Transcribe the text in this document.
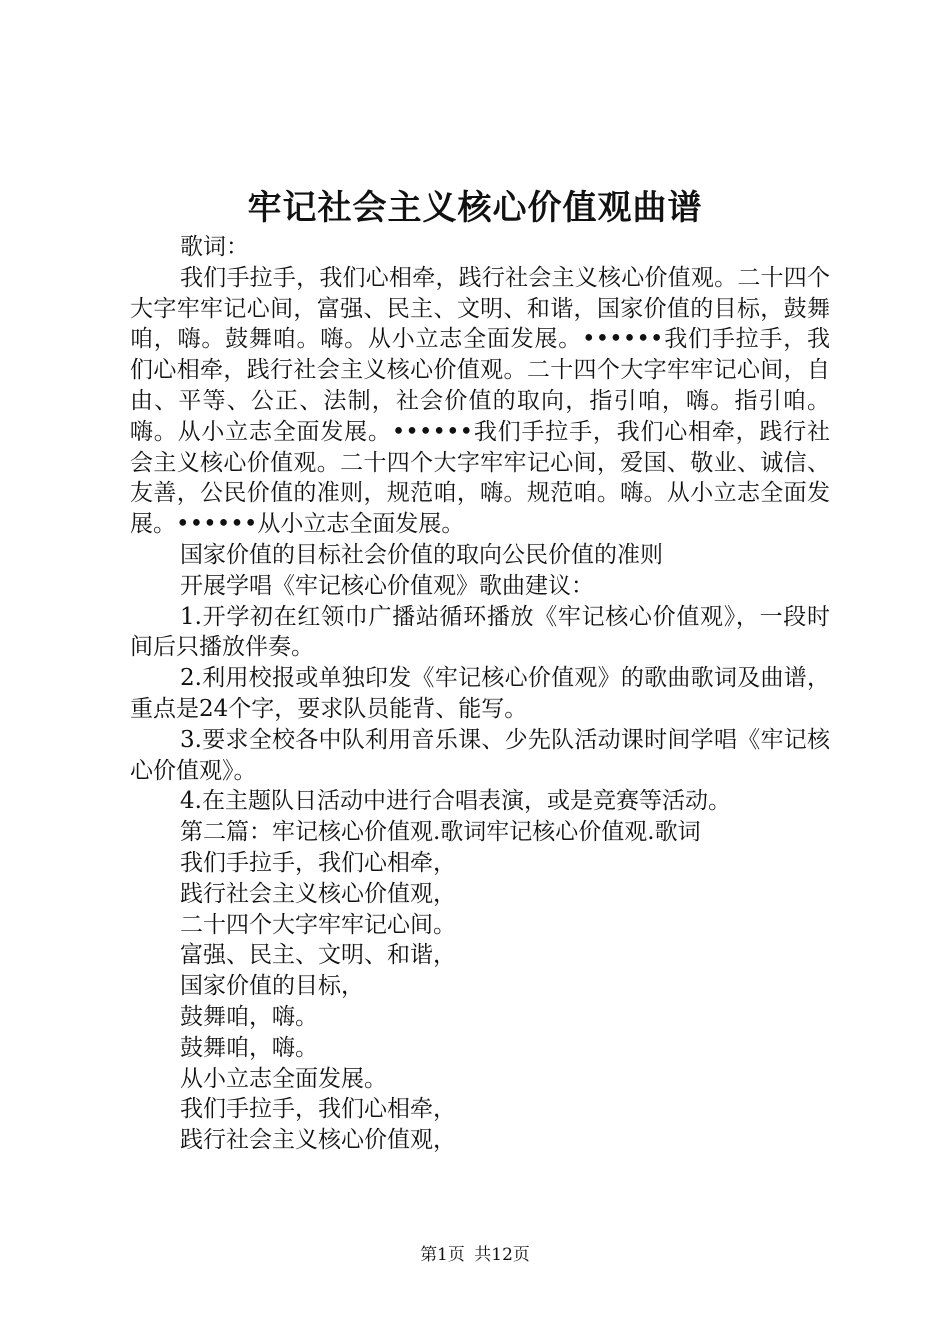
牢记社会主义核心价值观曲谱

歌词：

我们手拉手，我们心相牵，践行社会主义核心价值观。二十四个大字牢牢记心间，富强、民主、文明、和谐，国家价值的目标，鼓舞咱，嗨。鼓舞咱。嗨。从小立志全面发展。••••••我们手拉手，我们心相牵，践行社会主义核心价值观。二十四个大字牢牢记心间，自由、平等、公正、法制，社会价值的取向，指引咱，嗨。指引咱。嗨。从小立志全面发展。••••••我们手拉手，我们心相牵，践行社会主义核心价值观。二十四个大字牢牢记心间，爱国、敬业、诚信、友善，公民价值的准则，规范咱，嗨。规范咱。嗨。从小立志全面发展。••••••从小立志全面发展。

国家价值的目标社会价值的取向公民价值的准则

开展学唱《牢记核心价值观》歌曲建议：

1.开学初在红领巾广播站循环播放《牢记核心价值观》，一段时间后只播放伴奏。

2.利用校报或单独印发《牢记核心价值观》的歌曲歌词及曲谱，重点是24个字，要求队员能背、能写。

3.要求全校各中队利用音乐课、少先队活动课时间学唱《牢记核心价值观》。

4.在主题队日活动中进行合唱表演，或是竞赛等活动。

第二篇：牢记核心价值观.歌词牢记核心价值观.歌词

我们手拉手，我们心相牵，

践行社会主义核心价值观，

二十四个大字牢牢记心间。

富强、民主、文明、和谐，

国家价值的目标，

鼓舞咱，嗨。

鼓舞咱，嗨。

从小立志全面发展。

我们手拉手，我们心相牵，

践行社会主义核心价值观，

第1页 共12页
